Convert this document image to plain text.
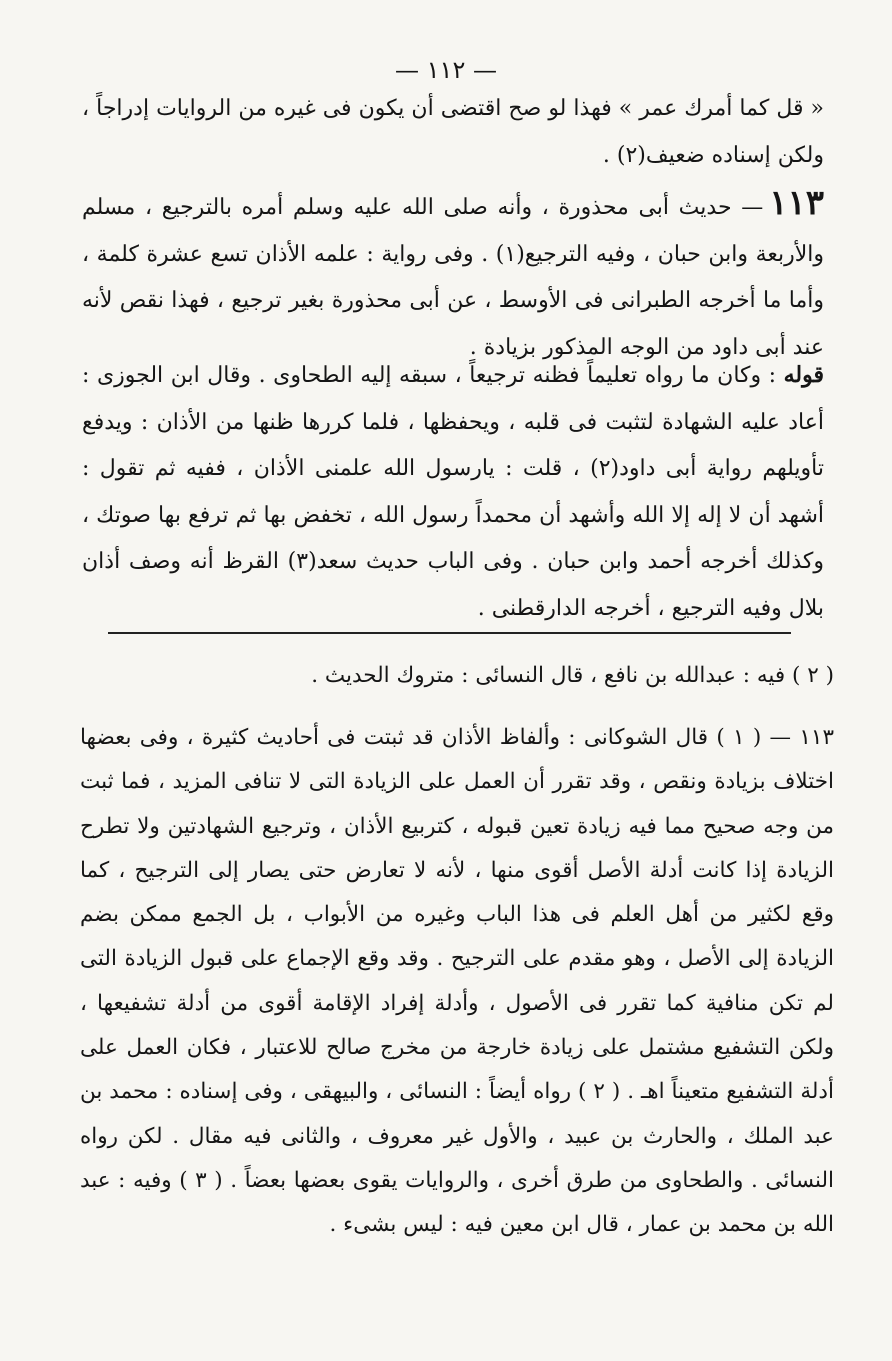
— ١١٢ —

« قل كما أمرك عمر » فهذا لو صح اقتضى أن يكون فى غيره من الروايات إدراجاً ، ولكن إسناده ضعيف(٢) .

١١٣— حديث أبى محذورة ، وأنه صلى الله عليه وسلم أمره بالترجيع ، مسلم والأربعة وابن حبان ، وفيه الترجيع(١) . وفى رواية : علمه الأذان تسع عشرة كلمة ، وأما ما أخرجه الطبرانى فى الأوسط ، عن أبى محذورة بغير ترجيع ، فهذا نقص لأنه عند أبى داود من الوجه المذكور بزيادة .

قوله : وكان ما رواه تعليماً فظنه ترجيعاً ، سبقه إليه الطحاوى . وقال ابن الجوزى : أعاد عليه الشهادة لتثبت فى قلبه ، ويحفظها ، فلما كررها ظنها من الأذان : ويدفع تأويلهم رواية أبى داود(٢) ، قلت : يارسول الله علمنى الأذان ، ففيه ثم تقول : أشهد أن لا إله إلا الله وأشهد أن محمداً رسول الله ، تخفض بها ثم ترفع بها صوتك ، وكذلك أخرجه أحمد وابن حبان . وفى الباب حديث سعد(٣) القرظ أنه وصف أذان بلال وفيه الترجيع ، أخرجه الدارقطنى .

( ٢ ) فيه : عبدالله بن نافع ، قال النسائى : متروك الحديث .

١١٣ — ( ١ ) قال الشوكانى : وألفاظ الأذان قد ثبتت فى أحاديث كثيرة ، وفى بعضها اختلاف بزيادة ونقص ، وقد تقرر أن العمل على الزيادة التى لا تنافى المزيد ، فما ثبت من وجه صحيح مما فيه زيادة تعين قبوله ، كتربيع الأذان ، وترجيع الشهادتين ولا تطرح الزيادة إذا كانت أدلة الأصل أقوى منها ، لأنه لا تعارض حتى يصار إلى الترجيح ، كما وقع لكثير من أهل العلم فى هذا الباب وغيره من الأبواب ، بل الجمع ممكن بضم الزيادة إلى الأصل ، وهو مقدم على الترجيح . وقد وقع الإجماع على قبول الزيادة التى لم تكن منافية كما تقرر فى الأصول ، وأدلة إفراد الإقامة أقوى من أدلة تشفيعها ، ولكن التشفيع مشتمل على زيادة خارجة من مخرج صالح للاعتبار ، فكان العمل على أدلة التشفيع متعيناً اهـ . ( ٢ ) رواه أيضاً : النسائى ، والبيهقى ، وفى إسناده : محمد بن عبد الملك ، والحارث بن عبيد ، والأول غير معروف ، والثانى فيه مقال . لكن رواه النسائى . والطحاوى من طرق أخرى ، والروايات يقوى بعضها بعضاً . ( ٣ ) وفيه : عبد الله بن محمد بن عمار ، قال ابن معين فيه : ليس بشىء .
